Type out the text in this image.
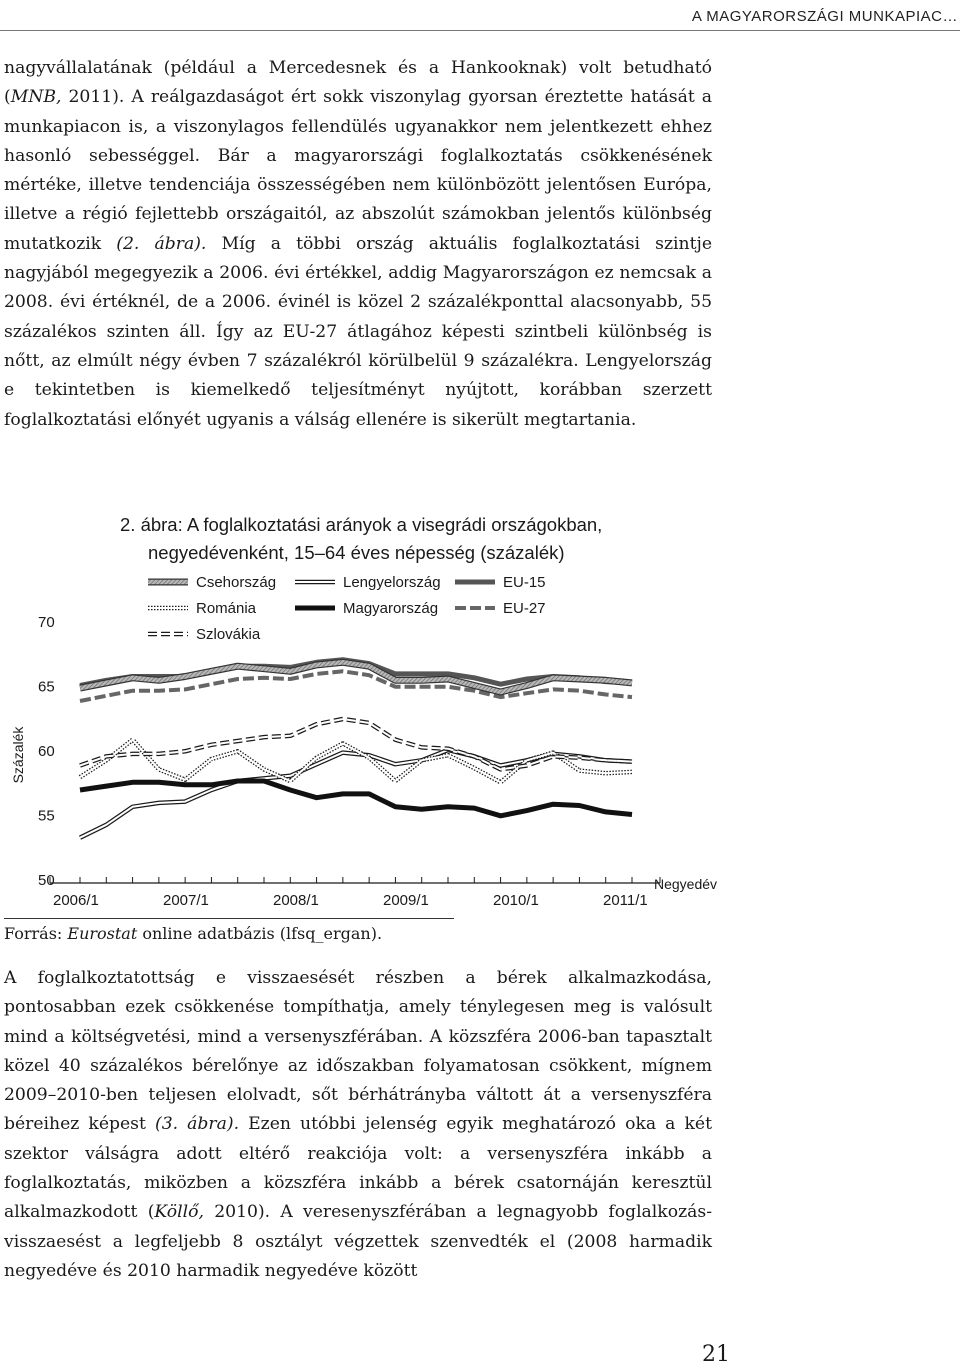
A MAGYARORSZÁGI MUNKAPIAC…

nagyvállalatának (például a Mercedesnek és a Hankooknak) volt betudható (MNB, 2011). A reálgazdaságot ért sokk viszonylag gyorsan éreztette hatását a munkapiacon is, a viszonylagos fellendülés ugyanakkor nem jelentkezett ehhez hasonló sebességgel. Bár a magyarországi foglalkoztatás csökkenésének mértéke, illetve tendenciája összességében nem különbözött jelentősen Európa, illetve a régió fejlettebb országaitól, az abszolút számokban jelentős különbség mutatkozik (2. ábra). Míg a többi ország aktuális foglalkoztatási szintje nagyjából megegyezik a 2006. évi értékkel, addig Magyarországon ez nemcsak a 2008. évi értéknél, de a 2006. évinél is közel 2 százalékponttal alacsonyabb, 55 százalékos szinten áll. Így az EU-27 átlagához képesti szintbeli különbség is nőtt, az elmúlt négy évben 7 százalékról körülbelül 9 százalékra. Lengyelország e tekintetben is kiemelkedő teljesítményt nyújtott, korábban szerzett foglalkoztatási előnyét ugyanis a válság ellenére is sikerült megtartania.

2. ábra: A foglalkoztatási arányok a visegrádi országokban,
negyedévenként, 15–64 éves népesség (százalék)
Csehország	Lengyelország	EU-15
Románia	Magyarország	EU-27
Szlovákia
50
55
60
65
70
Százalék
2006/1	2007/1	2008/1	2009/1	2010/1	2011/1
Negyedév
Forrás: Eurostat online adatbázis (lfsq_ergan).

A foglalkoztatottság e visszaesését részben a bérek alkalmazkodása, pontosabban ezek csökkenése tompíthatja, amely ténylegesen meg is valósult mind a költségvetési, mind a versenyszférában. A közszféra 2006-ban tapasztalt közel 40 százalékos bérelőnye az időszakban folyamatosan csökkent, mígnem 2009–2010-ben teljesen elolvadt, sőt bérhátrányba váltott át a versenyszféra béreihez képest (3. ábra). Ezen utóbbi jelenség egyik meghatározó oka a két szektor válságra adott eltérő reakciója volt: a versenyszféra inkább a foglalkoztatás, miközben a közszféra inkább a bérek csatornáján keresztül alkalmazkodott (Köllő, 2010). A veresenyszférában a legnagyobb foglalkozás-visszaesést a legfeljebb 8 osztályt végzettek szenvedték el (2008 harmadik negyedéve és 2010 harmadik negyedéve között

21
